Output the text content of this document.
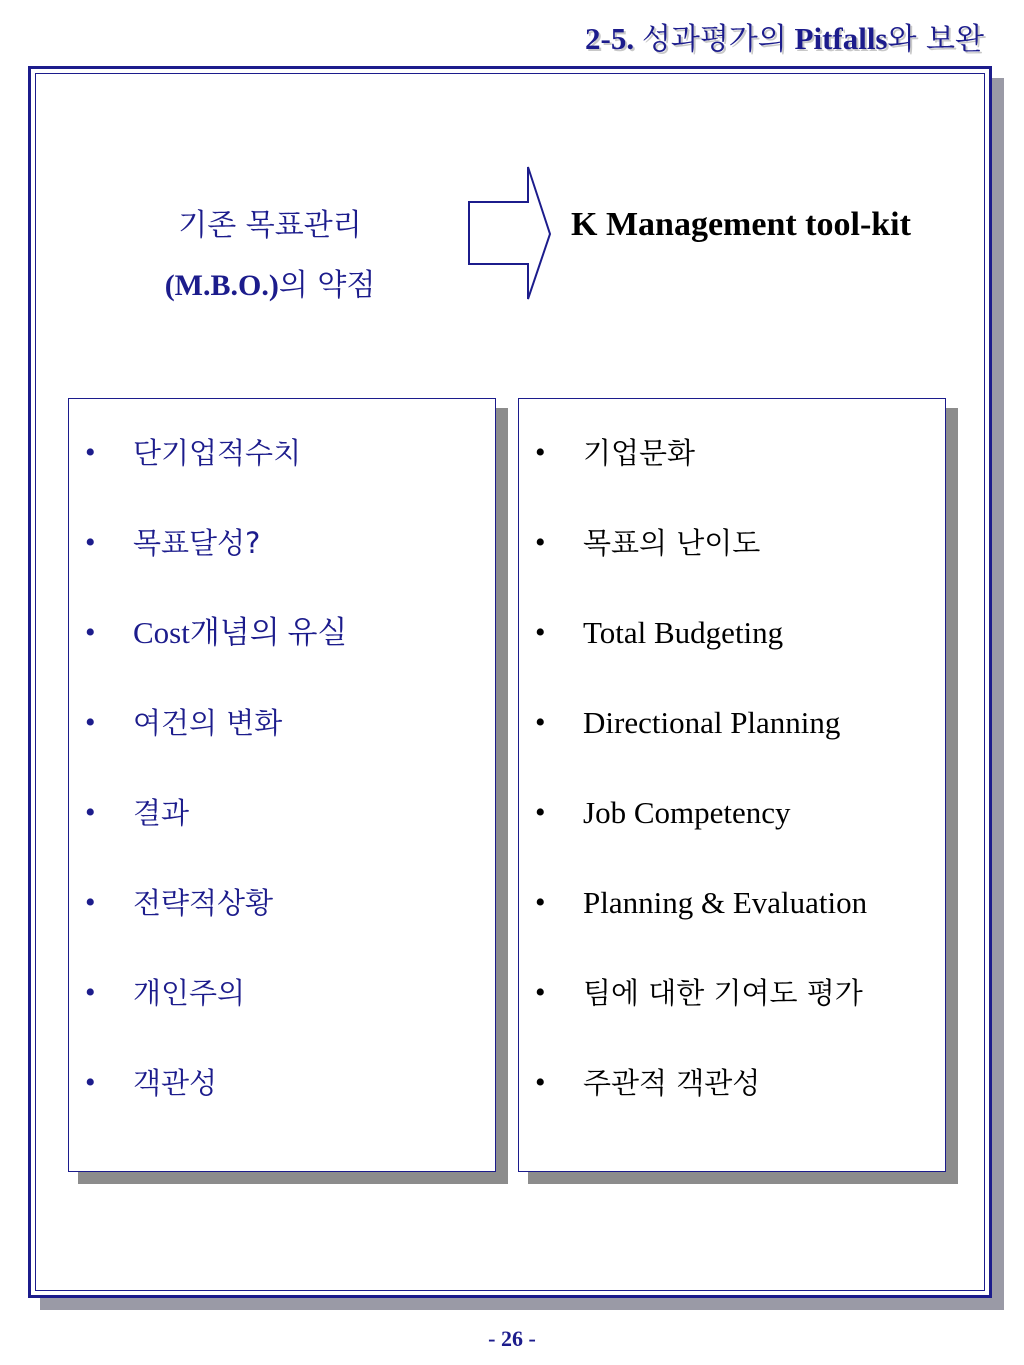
2-5. 성과평가의 Pitfalls와 보완
기존 목표관리
(M.B.O.)의 약점
K Management tool-kit
• 단기업적수치
• 목표달성?
• Cost개념의 유실
• 여건의 변화
• 결과
• 전략적상황
• 개인주의
• 객관성
• 기업문화
• 목표의 난이도
• Total Budgeting
• Directional Planning
• Job Competency
• Planning & Evaluation
• 팀에 대한 기여도 평가
• 주관적 객관성
- 26 -
